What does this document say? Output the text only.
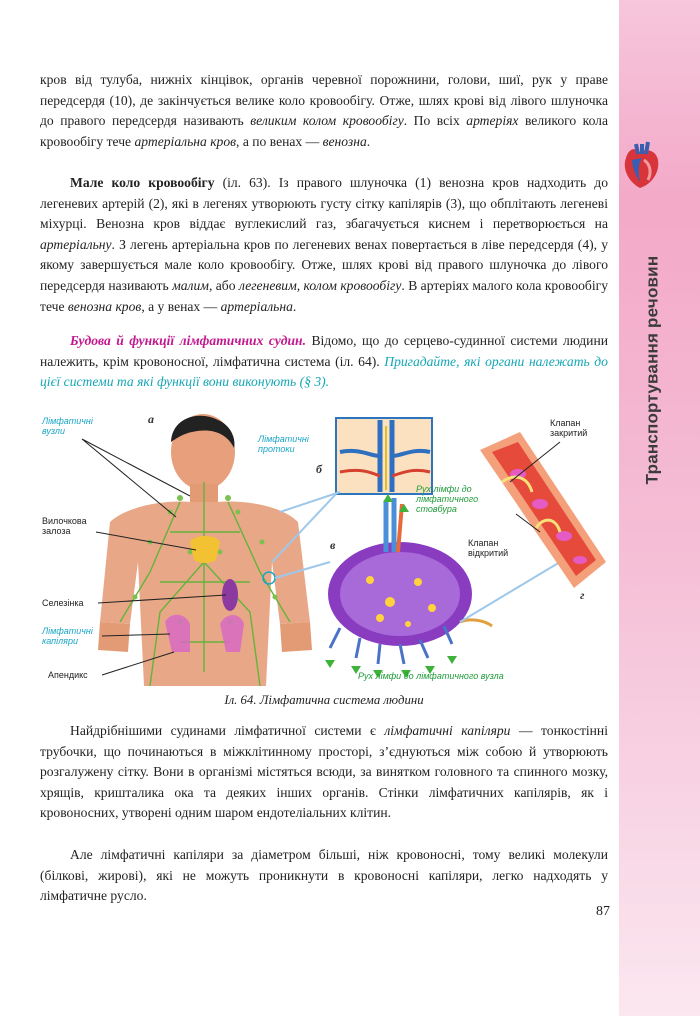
Транспортування речовин
кров від тулуба, нижніх кінцівок, органів черевної порожнини, голови, шиї, рук у праве передсердя (10), де закінчується велике коло кровообігу. Отже, шлях крові від лівого шлуночка до правого передсердя називають великим колом кровообігу. По всіх артеріях великого кола кровообігу тече артеріальна кров, а по венах — венозна.
Мале коло кровообігу (іл. 63). Із правого шлуночка (1) венозна кров надходить до легеневих артерій (2), які в легенях утворюють густу сітку капілярів (3), що обплітають легеневі міхурці. Венозна кров віддає вуглекислий газ, збагачується киснем і перетворюється на артеріальну. З легень артеріальна кров по легеневих венах повертається в ліве передсердя (4), у якому завершується мале коло кровообігу. Отже, шлях крові від правого шлуночка до лівого передсердя називають малим, або легеневим, колом кровообігу. В артеріях малого кола кровообігу тече венозна кров, а у венах — артеріальна.
Будова й функції лімфатичних судин. Відомо, що до серцево-судинної системи людини належить, крім кровоносної, лімфатична система (іл. 64). Пригадайте, які органи належать до цієї системи та які функції вони виконують (§ 3).
Лімфатичні вузли
Вилочкова залоза
Селезінка
Лімфатичні капіляри
Апендикс
Лімфатичні протоки
Рух лімфи до лімфатичного стовбура
Рух лімфи до лімфатичного вузла
Клапан закритий
Клапан відкритий
а
б
в
г
Іл. 64. Лімфатична система людини
Найдрібнішими судинами лімфатичної системи є лімфатичні капіляри — тонкостінні трубочки, що починаються в міжклітинному просторі, з’єднуються між собою й утворюють розгалужену сітку. Вони в організмі містяться всюди, за винятком головного та спинного мозку, хрящів, кришталика ока та деяких інших органів. Стінки лімфатичних капілярів, як і кровоносних, утворені одним шаром ендотеліальних клітин.
Але лімфатичні капіляри за діаметром більші, ніж кровоносні, тому великі молекули (білкові, жирові), які не можуть проникнути в кровоносні капіляри, легко надходять у лімфатичне русло.
87
